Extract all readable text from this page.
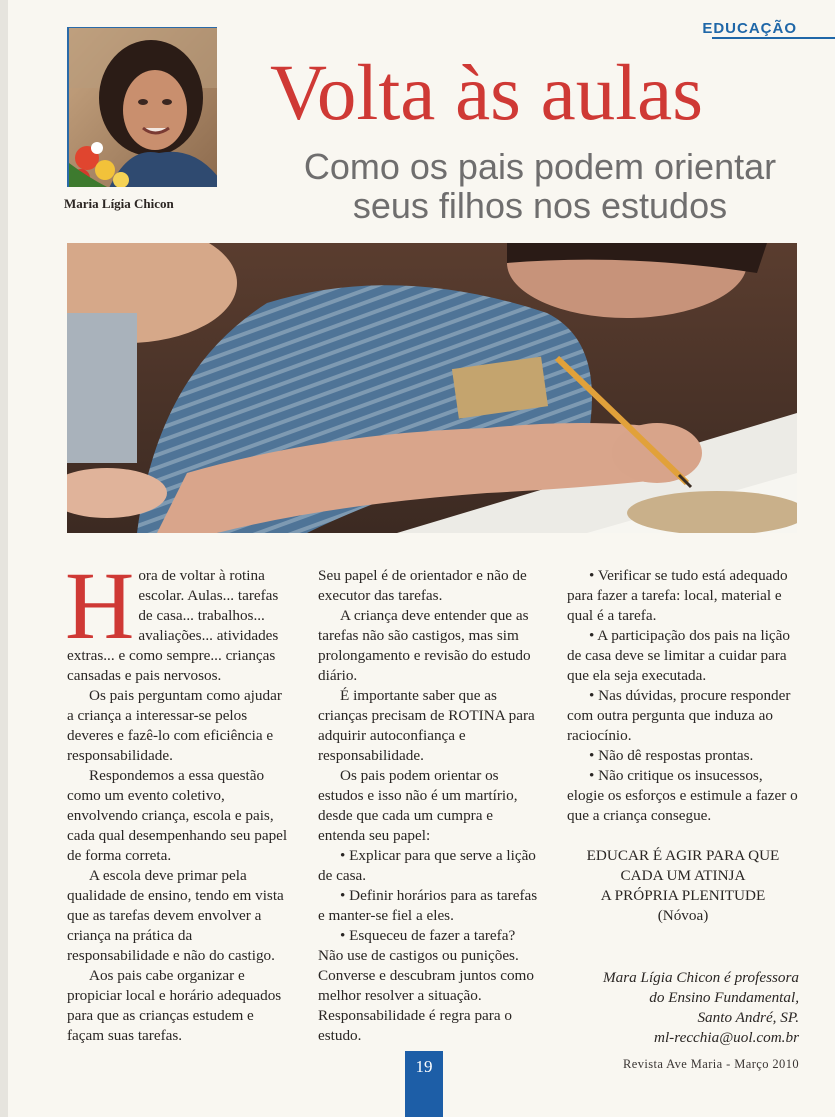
EDUCAÇÃO
Maria Lígia Chicon
Volta às aulas
Como os pais podem orientar
seus filhos nos estudos

Hora de voltar à rotina escolar. Aulas... tarefas de casa... trabalhos... avaliações... atividades extras... e como sempre... crianças cansadas e pais nervosos.

Os pais perguntam como ajudar a criança a interessar-se pelos deveres e fazê-lo com eficiência e responsabilidade.

Respondemos a essa questão como um evento coletivo, envolvendo criança, escola e pais, cada qual desempenhando seu papel de forma correta.

A escola deve primar pela qualidade de ensino, tendo em vista que as tarefas devem envolver a criança na prática da responsabilidade e não do castigo.

Aos pais cabe organizar e propiciar local e horário adequados para que as crianças estudem e façam suas tarefas.

Seu papel é de orientador e não de executor das tarefas.

A criança deve entender que as tarefas não são castigos, mas sim prolongamento e revisão do estudo diário.

É importante saber que as crianças precisam de ROTINA para adquirir autoconfiança e responsabilidade.

Os pais podem orientar os estudos e isso não é um martírio, desde que cada um cumpra e entenda seu papel:

• Explicar para que serve a lição de casa.

• Definir horários para as tarefas e manter-se fiel a eles.

• Esqueceu de fazer a tarefa? Não use de castigos ou punições. Converse e descubram juntos como melhor resolver a situação. Responsabilidade é regra para o estudo.

• Verificar se tudo está adequado para fazer a tarefa: local, material e qual é a tarefa.

• A participação dos pais na lição de casa deve se limitar a cuidar para que ela seja executada.

• Nas dúvidas, procure responder com outra pergunta que induza ao raciocínio.

• Não dê respostas prontas.

• Não critique os insucessos, elogie os esforços e estimule a fazer o que a criança consegue.

EDUCAR É AGIR PARA QUE
CADA UM ATINJA
A PRÓPRIA PLENITUDE
(Nóvoa)
Mara Lígia Chicon é professora
do Ensino Fundamental,
Santo André, SP.
ml-recchia@uol.com.br
19	Revista Ave Maria - Março 2010
